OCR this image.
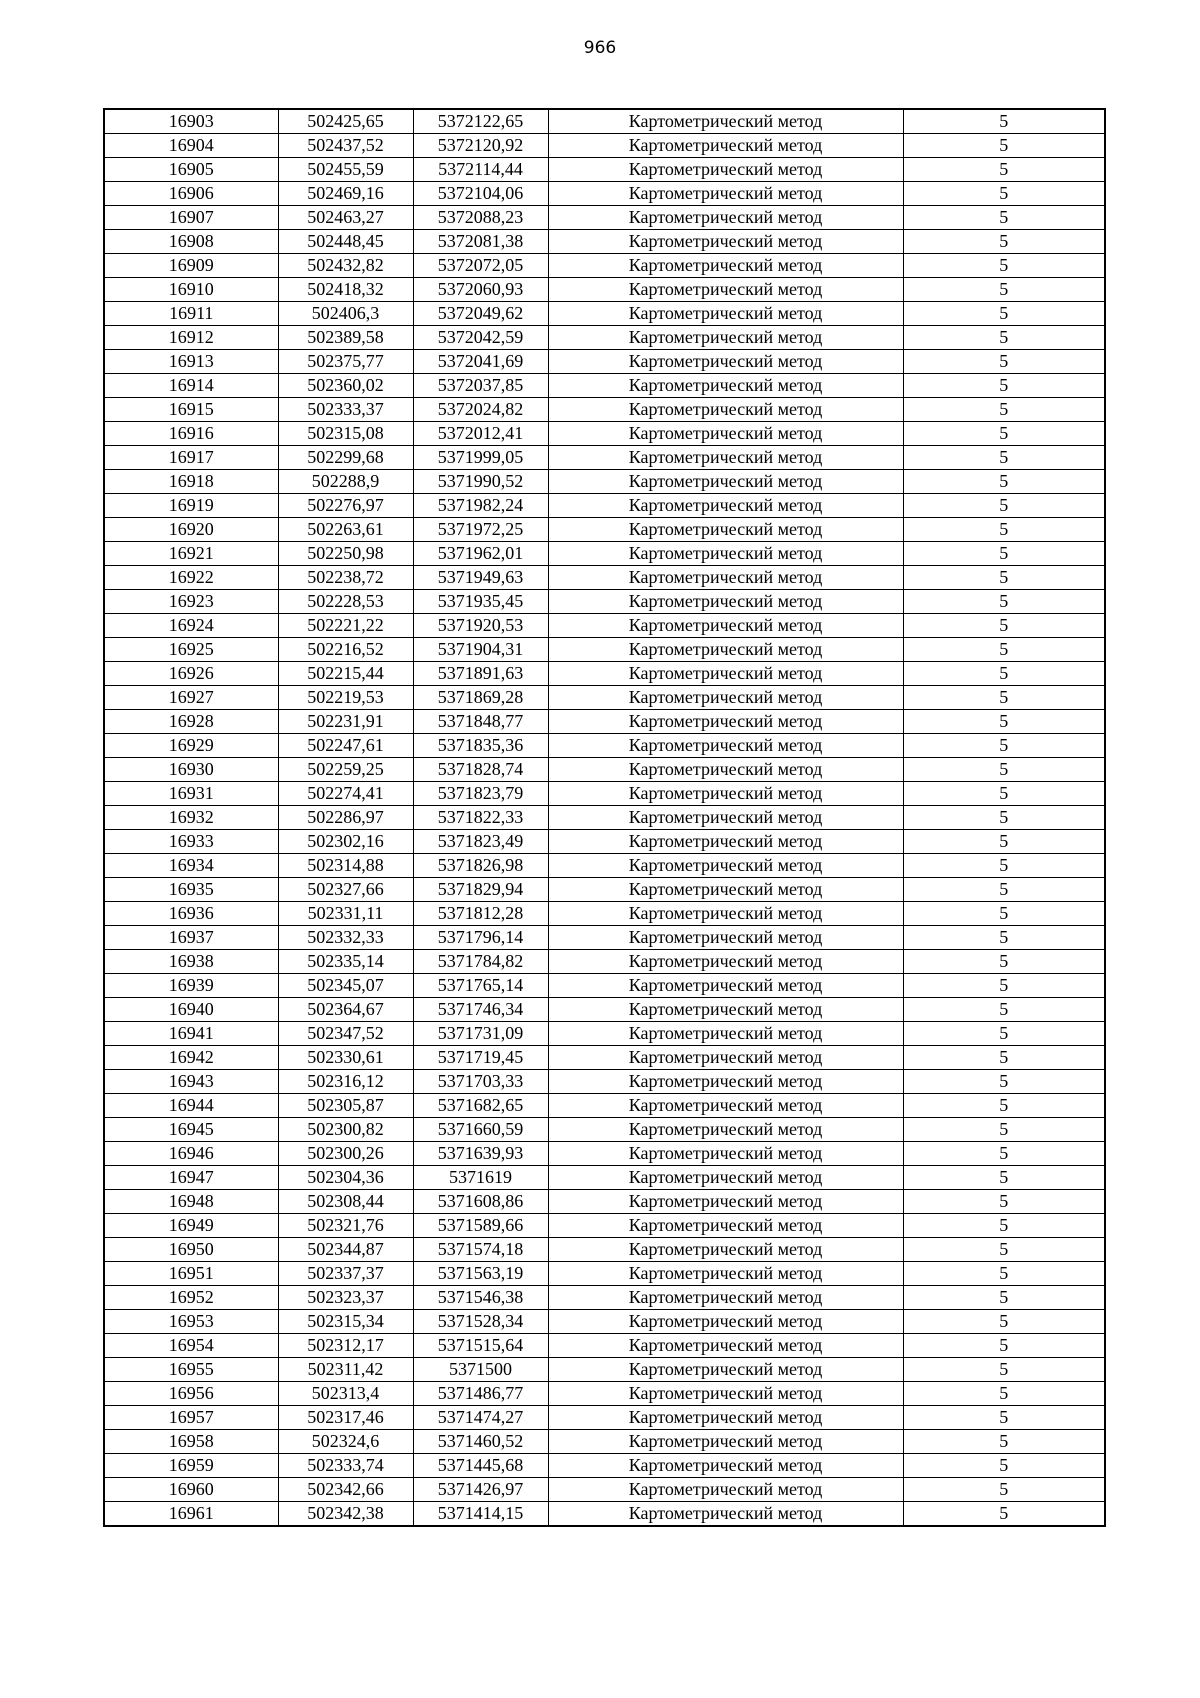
966
16903	502425,65	5372122,65	Картометрический метод	5
16904	502437,52	5372120,92	Картометрический метод	5
16905	502455,59	5372114,44	Картометрический метод	5
16906	502469,16	5372104,06	Картометрический метод	5
16907	502463,27	5372088,23	Картометрический метод	5
16908	502448,45	5372081,38	Картометрический метод	5
16909	502432,82	5372072,05	Картометрический метод	5
16910	502418,32	5372060,93	Картометрический метод	5
16911	502406,3	5372049,62	Картометрический метод	5
16912	502389,58	5372042,59	Картометрический метод	5
16913	502375,77	5372041,69	Картометрический метод	5
16914	502360,02	5372037,85	Картометрический метод	5
16915	502333,37	5372024,82	Картометрический метод	5
16916	502315,08	5372012,41	Картометрический метод	5
16917	502299,68	5371999,05	Картометрический метод	5
16918	502288,9	5371990,52	Картометрический метод	5
16919	502276,97	5371982,24	Картометрический метод	5
16920	502263,61	5371972,25	Картометрический метод	5
16921	502250,98	5371962,01	Картометрический метод	5
16922	502238,72	5371949,63	Картометрический метод	5
16923	502228,53	5371935,45	Картометрический метод	5
16924	502221,22	5371920,53	Картометрический метод	5
16925	502216,52	5371904,31	Картометрический метод	5
16926	502215,44	5371891,63	Картометрический метод	5
16927	502219,53	5371869,28	Картометрический метод	5
16928	502231,91	5371848,77	Картометрический метод	5
16929	502247,61	5371835,36	Картометрический метод	5
16930	502259,25	5371828,74	Картометрический метод	5
16931	502274,41	5371823,79	Картометрический метод	5
16932	502286,97	5371822,33	Картометрический метод	5
16933	502302,16	5371823,49	Картометрический метод	5
16934	502314,88	5371826,98	Картометрический метод	5
16935	502327,66	5371829,94	Картометрический метод	5
16936	502331,11	5371812,28	Картометрический метод	5
16937	502332,33	5371796,14	Картометрический метод	5
16938	502335,14	5371784,82	Картометрический метод	5
16939	502345,07	5371765,14	Картометрический метод	5
16940	502364,67	5371746,34	Картометрический метод	5
16941	502347,52	5371731,09	Картометрический метод	5
16942	502330,61	5371719,45	Картометрический метод	5
16943	502316,12	5371703,33	Картометрический метод	5
16944	502305,87	5371682,65	Картометрический метод	5
16945	502300,82	5371660,59	Картометрический метод	5
16946	502300,26	5371639,93	Картометрический метод	5
16947	502304,36	5371619	Картометрический метод	5
16948	502308,44	5371608,86	Картометрический метод	5
16949	502321,76	5371589,66	Картометрический метод	5
16950	502344,87	5371574,18	Картометрический метод	5
16951	502337,37	5371563,19	Картометрический метод	5
16952	502323,37	5371546,38	Картометрический метод	5
16953	502315,34	5371528,34	Картометрический метод	5
16954	502312,17	5371515,64	Картометрический метод	5
16955	502311,42	5371500	Картометрический метод	5
16956	502313,4	5371486,77	Картометрический метод	5
16957	502317,46	5371474,27	Картометрический метод	5
16958	502324,6	5371460,52	Картометрический метод	5
16959	502333,74	5371445,68	Картометрический метод	5
16960	502342,66	5371426,97	Картометрический метод	5
16961	502342,38	5371414,15	Картометрический метод	5
